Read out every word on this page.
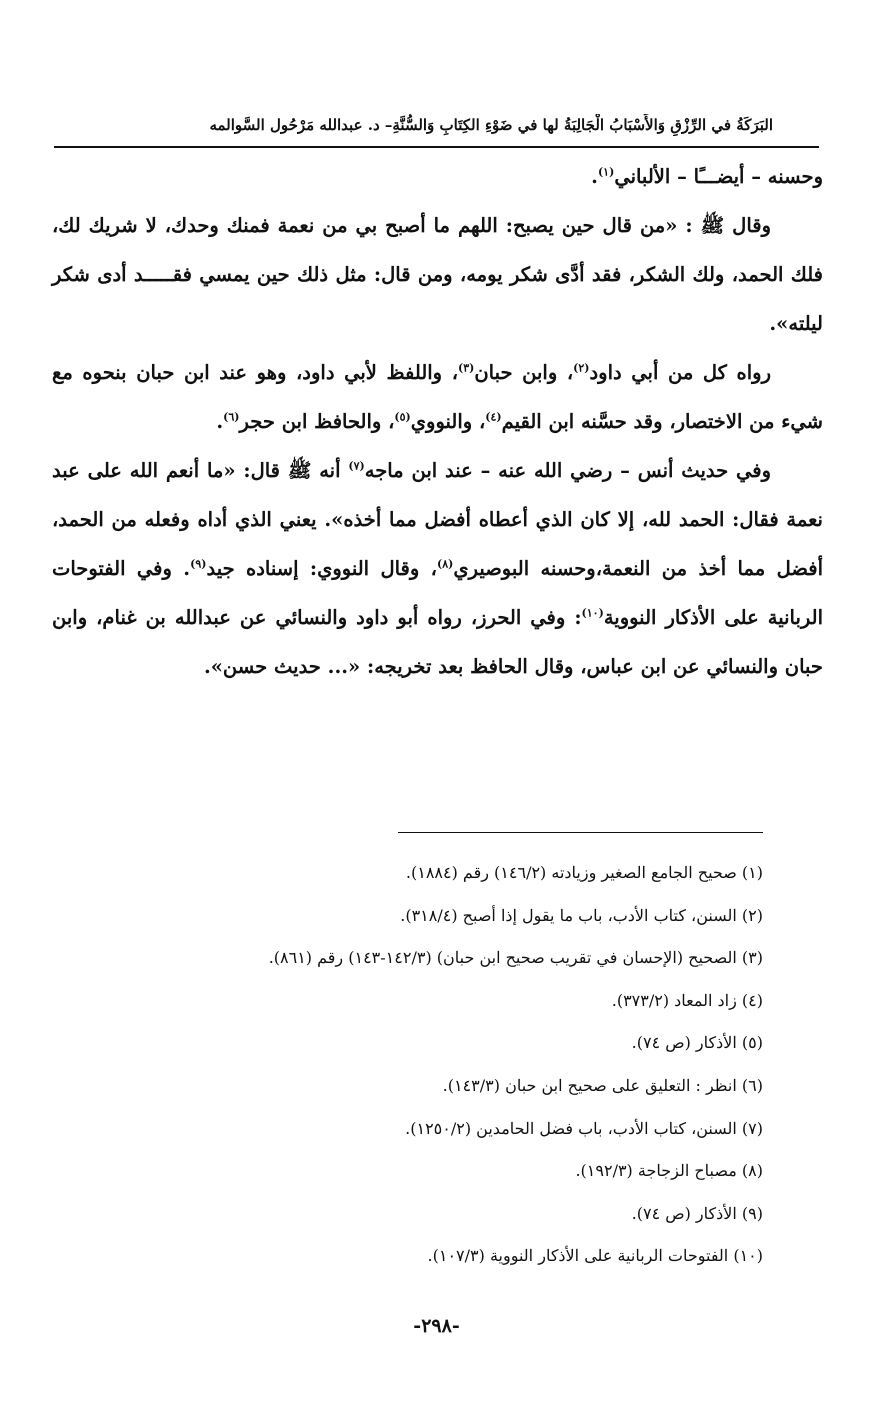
البَرَكَةُ في الرِّزْقِ وَالأَسْبَابُ الْجَالِبَةُ لها في ضَوْءِ الكِتَابِ وَالسُّنَّةِ– د. عبدالله مَرْحُول السَّوالمه

وحسنه – أيضـــًا – الألباني$^{(١)}$.

وقال ﷺ : «من قال حين يصبح: اللهم ما أصبح بي من نعمة فمنك وحدك، لا شريك لك، فلك الحمد، ولك الشكر، فقد أدَّى شكر يومه، ومن قال: مثل ذلك حين يمسي فقـــــد أدى شكر ليلته».

رواه كل من أبي داود$^{(٢)}$، وابن حبان$^{(٣)}$، واللفظ لأبي داود، وهو عند ابن حبان بنحوه مع شيء من الاختصار، وقد حسَّنه ابن القيم$^{(٤)}$، والنووي$^{(٥)}$، والحافظ ابن حجر$^{(٦)}$.

وفي حديث أنس – رضي الله عنه – عند ابن ماجه$^{(٧)}$ أنه ﷺ قال: «ما أنعم الله على عبد نعمة فقال: الحمد لله، إلا كان الذي أعطاه أفضل مما أخذه». يعني الذي أداه وفعله من الحمد، أفضل مما أخذ من النعمة،وحسنه البوصيري$^{(٨)}$، وقال النووي: إسناده جيد$^{(٩)}$. وفي الفتوحات الربانية على الأذكار النووية$^{(١٠)}$: وفي الحرز، رواه أبو داود والنسائي عن عبدالله بن غنام، وابن حبان والنسائي عن ابن عباس، وقال الحافظ بعد تخريجه: «... حديث حسن».

(١) صحيح الجامع الصغير وزيادته (١٤٦/٢) رقم (١٨٨٤).
(٢) السنن، كتاب الأدب، باب ما يقول إذا أصبح (٣١٨/٤).
(٣) الصحيح (الإحسان في تقريب صحيح ابن حبان) (١٤٢/٣-١٤٣) رقم (٨٦١).
(٤) زاد المعاد (٣٧٣/٢).
(٥) الأذكار (ص ٧٤).
(٦) انظر : التعليق على صحيح ابن حبان (١٤٣/٣).
(٧) السنن، كتاب الأدب، باب فضل الحامدين (١٢٥٠/٢).
(٨) مصباح الزجاجة (١٩٢/٣).
(٩) الأذكار (ص ٧٤).
(١٠) الفتوحات الربانية على الأذكار النووية (١٠٧/٣).
-٢٩٨-
